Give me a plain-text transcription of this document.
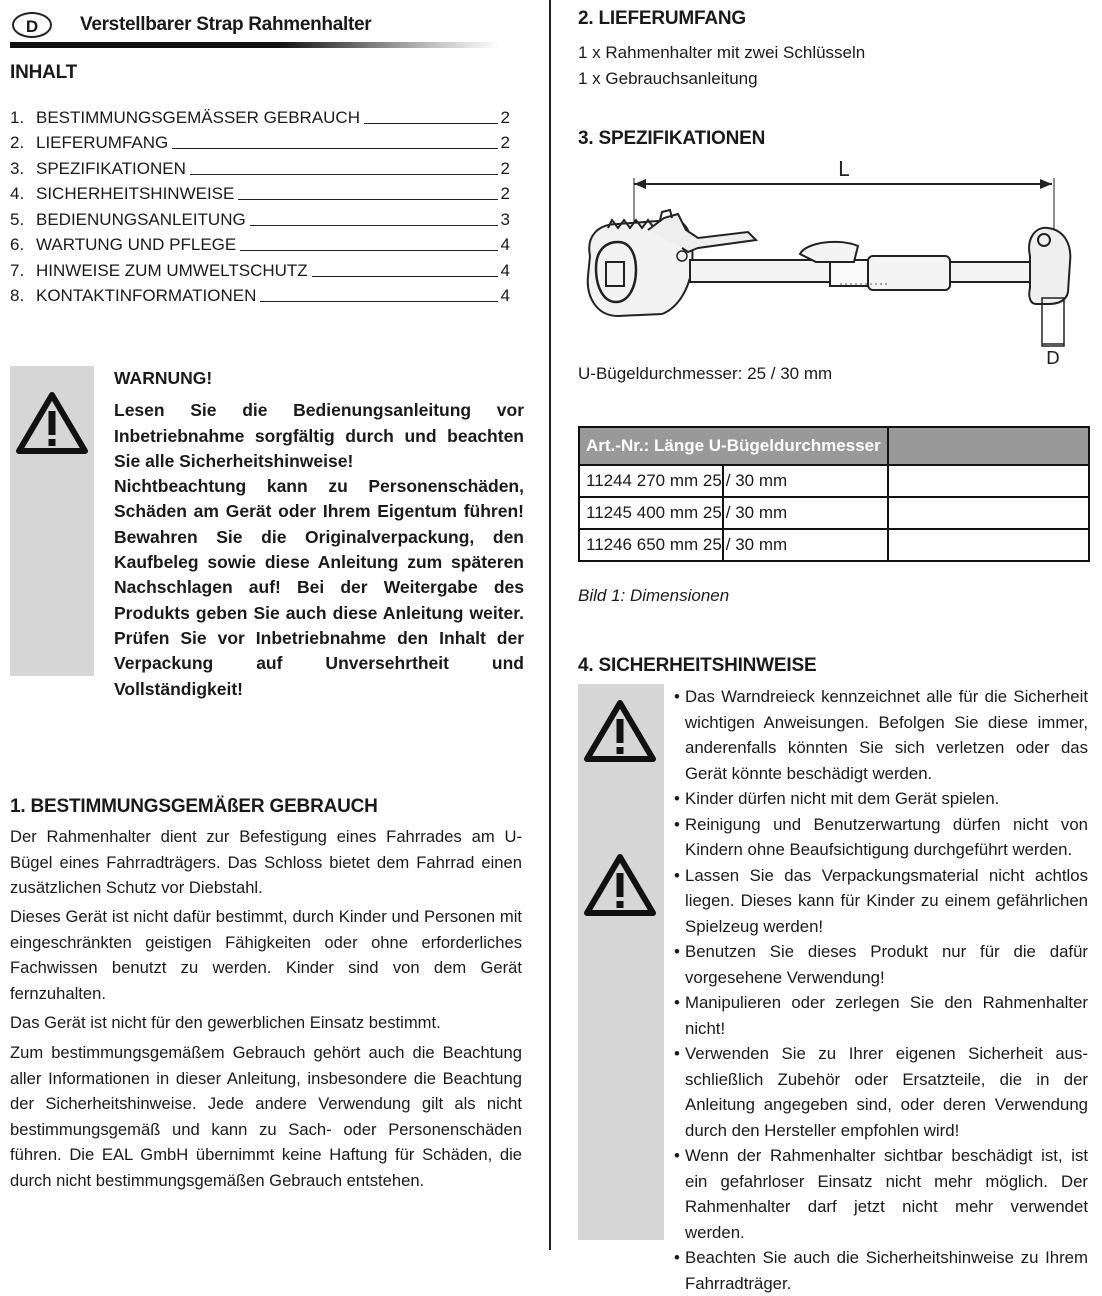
D	Verstellbarer Strap Rahmenhalter
INHALT
1. BESTIMMUNGSGEMÄSSER GEBRAUCH	2
2. LIEFERUMFANG	2
3. SPEZIFIKATIONEN	2
4. SICHERHEITSHINWEISE	2
5. BEDIENUNGSANLEITUNG	3
6. WARTUNG UND PFLEGE	4
7. HINWEISE ZUM UMWELTSCHUTZ	4
8. KONTAKTINFORMATIONEN	4

WARNUNG!

Lesen Sie die Bedienungsanleitung vor Inbetriebnahme sorgfältig durch und beachten Sie alle Sicherheitshinweise!

Nichtbeachtung kann zu Personenschäden, Schäden am Gerät oder Ihrem Eigentum führen! Bewahren Sie die Originalverpackung, den Kaufbeleg sowie diese Anleitung zum späteren Nachschlagen auf! Bei der Weitergabe des Produkts geben Sie auch diese Anleitung weiter. Prüfen Sie vor Inbetriebnahme den Inhalt der Verpackung auf Unversehrtheit und Vollständigkeit!

1. BESTIMMUNGSGEMÄßER GEBRAUCH

Der Rahmenhalter dient zur Befestigung eines Fahrrades am U-Bügel eines Fahrradträgers. Das Schloss bietet dem Fahrrad einen zusätzlichen Schutz vor Diebstahl.

Dieses Gerät ist nicht dafür bestimmt, durch Kinder und Personen mit eingeschränkten geistigen Fähigkeiten oder ohne erforderliches Fachwissen benutzt zu werden. Kinder sind von dem Gerät fernzuhalten.

Das Gerät ist nicht für den gewerblichen Einsatz bestimmt.

Zum bestimmungsgemäßem Gebrauch gehört auch die Beachtung aller Informationen in dieser Anleitung, insbesondere die Beachtung der Sicherheitshinweise. Jede andere Verwendung gilt als nicht bestimmungsgemäß und kann zu Sach- oder Personenschäden führen. Die EAL GmbH übernimmt keine Haftung für Schäden, die durch nicht bestimmungsgemäßen Gebrauch entstehen.

2. LIEFERUMFANG
1 x Rahmenhalter mit zwei Schlüsseln
1 x Gebrauchsanleitung
3. SPEZIFIKATIONEN
L
D
U-Bügeldurchmesser: 25 / 30 mm
Art.-Nr.: Länge U-Bügeldurchmesser		
11244 270 mm 25	/ 30 mm	
11245 400 mm 25	/ 30 mm	
11246 650 mm 25	/ 30 mm	
Bild 1: Dimensionen
4. SICHERHEITSHINWEISE
• Das Warndreieck kennzeichnet alle für die Sicherheit wichtigen Anweisungen. Befolgen Sie diese immer, anderenfalls könnten Sie sich verletzen oder das Gerät könnte beschädigt werden.
• Kinder dürfen nicht mit dem Gerät spielen.
• Reinigung und Benutzerwartung dürfen nicht von Kindern ohne Beaufsichtigung durchgeführt werden.
• Lassen Sie das Verpackungsmaterial nicht achtlos liegen. Dieses kann für Kinder zu einem gefährlichen Spielzeug werden!
• Benutzen Sie dieses Produkt nur für die dafür vorgesehene Verwendung!
• Manipulieren oder zerlegen Sie den Rahmenhalter nicht!
• Verwenden Sie zu Ihrer eigenen Sicherheit ausschließlich Zubehör oder Ersatzteile, die in der Anleitung angegeben sind, oder deren Verwendung durch den Hersteller empfohlen wird!
• Wenn der Rahmenhalter sichtbar beschädigt ist, ist ein gefahrloser Einsatz nicht mehr möglich. Der Rahmenhalter darf jetzt nicht mehr verwendet werden.
• Beachten Sie auch die Sicherheitshinweise zu Ihrem Fahrradträger.
